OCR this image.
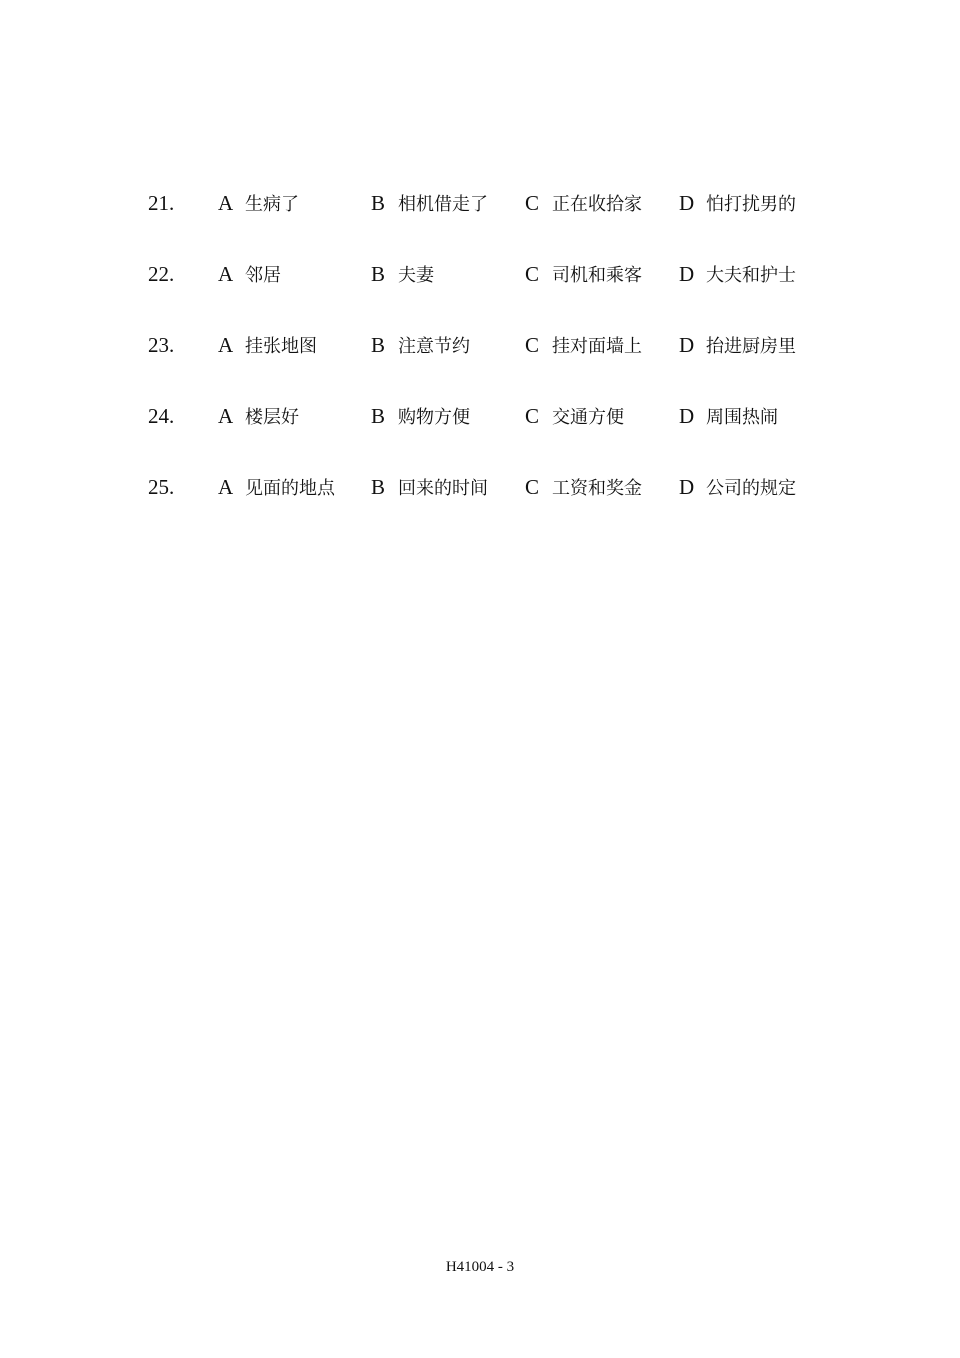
21. A 生病了	B 相机借走了 C 正在收拾家 D 怕打扰男的
22. A 邻居	B 夫妻	C 司机和乘客 D 大夫和护士
23. A 挂张地图	B 注意节约	C 挂对面墙上 D 抬进厨房里
24. A 楼层好	B 购物方便	C 交通方便	D 周围热闹
25. A 见面的地点 B 回来的时间 C 工资和奖金 D 公司的规定
H41004 - 3
